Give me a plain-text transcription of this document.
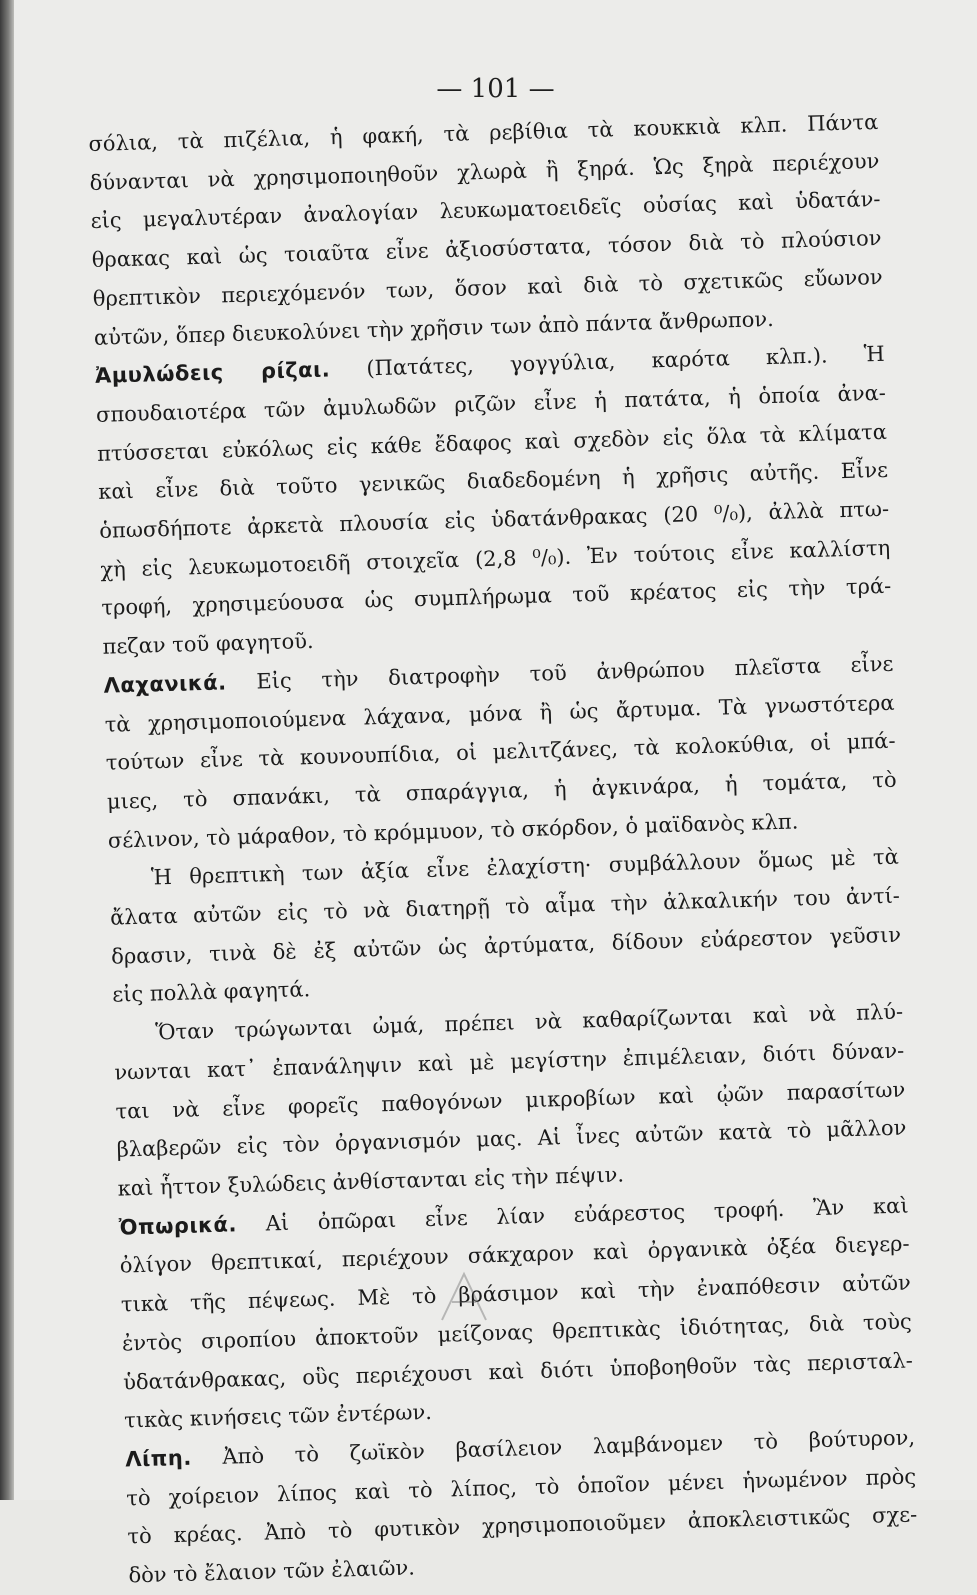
— 101 —
σόλια, τὰ πιζέλια, ἡ φακή, τὰ ρεβίθια τὰ κουκκιὰ κλπ. Πάντα
δύνανται νὰ χρησιμοποιηθοῦν χλωρὰ ἢ ξηρά. Ὡς ξηρὰ περιέχουν
εἰς μεγαλυτέραν ἀναλογίαν λευκωματοειδεῖς οὐσίας καὶ ὑδατάν-
θρακας καὶ ὡς τοιαῦτα εἶνε ἀξιοσύστατα, τόσον διὰ τὸ πλούσιον
θρεπτικὸν περιεχόμενόν των, ὅσον καὶ διὰ τὸ σχετικῶς εὔωνον
αὐτῶν, ὅπερ διευκολύνει τὴν χρῆσιν των ἀπὸ πάντα ἄνθρωπον.
Ἀμυλώδεις ρίζαι. (Πατάτες, γογγύλια, καρότα κλπ.). Ἡ
σπουδαιοτέρα τῶν ἀμυλωδῶν ριζῶν εἶνε ἡ πατάτα, ἡ ὁποία ἀνα-
πτύσσεται εὐκόλως εἰς κάθε ἔδαφος καὶ σχεδὸν εἰς ὅλα τὰ κλίματα
καὶ εἶνε διὰ τοῦτο γενικῶς διαδεδομένη ἡ χρῆσις αὐτῆς. Εἶνε
ὁπωσδήποτε ἀρκετὰ πλουσία εἰς ὑδατάνθρακας (20 ⁰/₀), ἀλλὰ πτω-
χὴ εἰς λευκωμοτοειδῆ στοιχεῖα (2,8 ⁰/₀). Ἐν τούτοις εἶνε καλλίστη
τροφή, χρησιμεύουσα ὡς συμπλήρωμα τοῦ κρέατος εἰς τὴν τρά-
πεζαν τοῦ φαγητοῦ.
Λαχανικά. Εἰς τὴν διατροφὴν τοῦ ἀνθρώπου πλεῖστα εἶνε
τὰ χρησιμοποιούμενα λάχανα, μόνα ἢ ὡς ἄρτυμα. Τὰ γνωστότερα
τούτων εἶνε τὰ κουνουπίδια, οἱ μελιτζάνες, τὰ κολοκύθια, οἱ μπά-
μιες, τὸ σπανάκι, τὰ σπαράγγια, ἡ ἀγκινάρα, ἡ τομάτα, τὸ
σέλινον, τὸ μάραθον, τὸ κρόμμυον, τὸ σκόρδον, ὁ μαϊδανὸς κλπ.
Ἡ θρεπτικὴ των ἀξία εἶνε ἐλαχίστη· συμβάλλουν ὅμως μὲ τὰ
ἄλατα αὐτῶν εἰς τὸ νὰ διατηρῇ τὸ αἷμα τὴν ἀλκαλικήν του ἀντί-
δρασιν, τινὰ δὲ ἐξ αὐτῶν ὡς ἀρτύματα, δίδουν εὐάρεστον γεῦσιν
εἰς πολλὰ φαγητά.
Ὅταν τρώγωνται ὠμά, πρέπει νὰ καθαρίζωνται καὶ νὰ πλύ-
νωνται κατ᾽ ἐπανάληψιν καὶ μὲ μεγίστην ἐπιμέλειαν, διότι δύναν-
ται νὰ εἶνε φορεῖς παθογόνων μικροβίων καὶ ᾠῶν παρασίτων
βλαβερῶν εἰς τὸν ὀργανισμόν μας. Αἱ ἶνες αὐτῶν κατὰ τὸ μᾶλλον
καὶ ἧττον ξυλώδεις ἀνθίστανται εἰς τὴν πέψιν.
Ὀπωρικά. Αἱ ὀπῶραι εἶνε λίαν εὐάρεστος τροφή. Ἂν καὶ
ὀλίγον θρεπτικαί, περιέχουν σάκχαρον καὶ ὀργανικὰ ὀξέα διεγερ-
τικὰ τῆς πέψεως. Μὲ τὸ βράσιμον καὶ τὴν ἐναπόθεσιν αὐτῶν
ἐντὸς σιροπίου ἀποκτοῦν μείζονας θρεπτικὰς ἰδιότητας, διὰ τοὺς
ὑδατάνθρακας, οὓς περιέχουσι καὶ διότι ὑποβοηθοῦν τὰς περισταλ-
τικὰς κινήσεις τῶν ἐντέρων.
Λίπη. Ἀπὸ τὸ ζωϊκὸν βασίλειον λαμβάνομεν τὸ βούτυρον,
τὸ χοίρειον λίπος καὶ τὸ λίπος, τὸ ὁποῖον μένει ἡνωμένον πρὸς
τὸ κρέας. Ἀπὸ τὸ φυτικὸν χρησιμοποιοῦμεν ἀποκλειστικῶς σχε-
δὸν τὸ ἔλαιον τῶν ἐλαιῶν.
